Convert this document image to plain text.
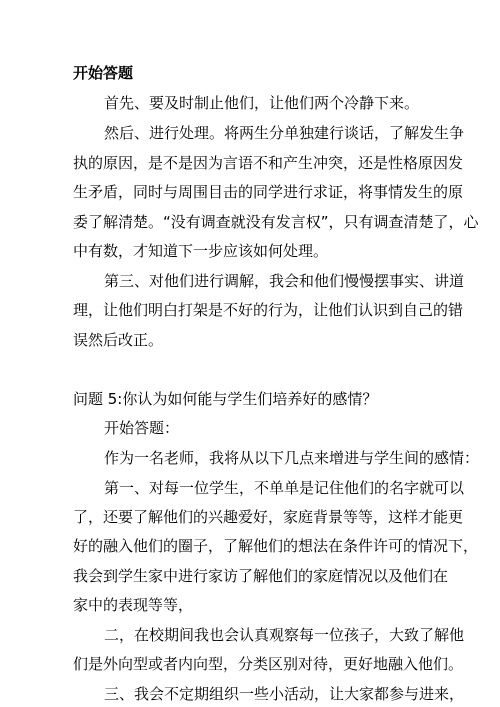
开始答题
首先、要及时制止他们，让他们两个冷静下来。
然后、进行处理。将两生分单独建行谈话，了解发生争
执的原因，是不是因为言语不和产生冲突，还是性格原因发
生矛盾，同时与周围目击的同学进行求证，将事情发生的原
委了解清楚。“没有调查就没有发言权”，只有调查清楚了，心
中有数，才知道下一步应该如何处理。
第三、对他们进行调解，我会和他们慢慢摆事实、讲道
理，让他们明白打架是不好的行为，让他们认识到自己的错
误然后改正。
问题 5:你认为如何能与学生们培养好的感情？
开始答题：
作为一名老师，我将从以下几点来增进与学生间的感情：
第一、对每一位学生，不单单是记住他们的名字就可以
了，还要了解他们的兴趣爱好，家庭背景等等，这样才能更
好的融入他们的圈子，了解他们的想法在条件许可的情况下，
我会到学生家中进行家访了解他们的家庭情况以及他们在
家中的表现等等，
二，在校期间我也会认真观察每一位孩子，大致了解他
们是外向型或者内向型，分类区别对待，更好地融入他们。
三、我会不定期组织一些小活动，让大家都参与进来，
